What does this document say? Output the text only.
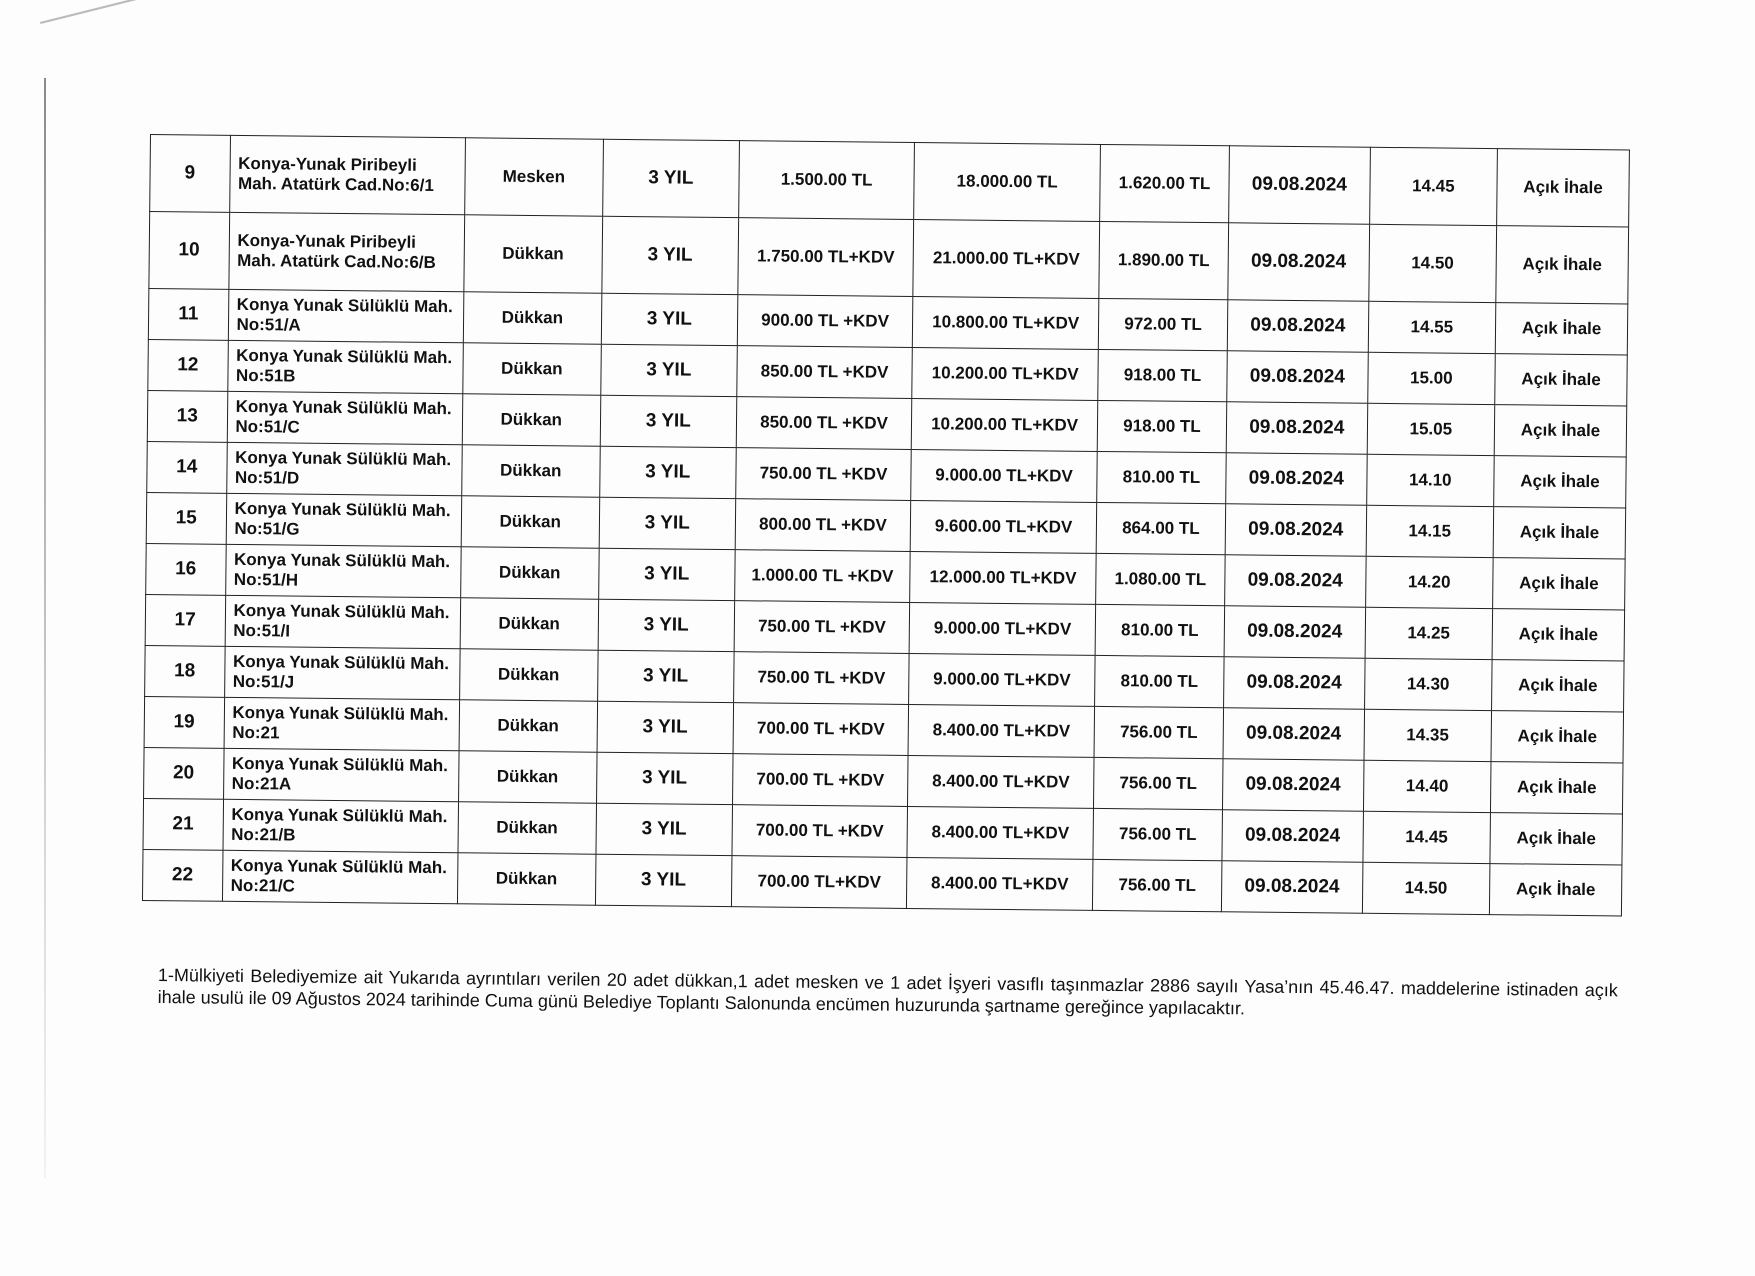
9	Konya-Yunak Piribeyli Mah. Atatürk Cad.No:6/1	Mesken	3 YIL	1.500.00 TL	18.000.00 TL	1.620.00 TL	09.08.2024	14.45	Açık İhale
10	Konya-Yunak Piribeyli Mah. Atatürk Cad.No:6/B	Dükkan	3 YIL	1.750.00 TL+KDV	21.000.00 TL+KDV	1.890.00 TL	09.08.2024	14.50	Açık İhale
11	Konya Yunak Sülüklü Mah. No:51/A	Dükkan	3 YIL	900.00 TL +KDV	10.800.00 TL+KDV	972.00 TL	09.08.2024	14.55	Açık İhale
12	Konya Yunak Sülüklü Mah. No:51B	Dükkan	3 YIL	850.00 TL +KDV	10.200.00 TL+KDV	918.00 TL	09.08.2024	15.00	Açık İhale
13	Konya Yunak Sülüklü Mah. No:51/C	Dükkan	3 YIL	850.00 TL +KDV	10.200.00 TL+KDV	918.00 TL	09.08.2024	15.05	Açık İhale
14	Konya Yunak Sülüklü Mah. No:51/D	Dükkan	3 YIL	750.00 TL +KDV	9.000.00 TL+KDV	810.00 TL	09.08.2024	14.10	Açık İhale
15	Konya Yunak Sülüklü Mah. No:51/G	Dükkan	3 YIL	800.00 TL +KDV	9.600.00 TL+KDV	864.00 TL	09.08.2024	14.15	Açık İhale
16	Konya Yunak Sülüklü Mah. No:51/H	Dükkan	3 YIL	1.000.00 TL +KDV	12.000.00 TL+KDV	1.080.00 TL	09.08.2024	14.20	Açık İhale
17	Konya Yunak Sülüklü Mah. No:51/I	Dükkan	3 YIL	750.00 TL +KDV	9.000.00 TL+KDV	810.00 TL	09.08.2024	14.25	Açık İhale
18	Konya Yunak Sülüklü Mah. No:51/J	Dükkan	3 YIL	750.00 TL +KDV	9.000.00 TL+KDV	810.00 TL	09.08.2024	14.30	Açık İhale
19	Konya Yunak Sülüklü Mah. No:21	Dükkan	3 YIL	700.00 TL +KDV	8.400.00 TL+KDV	756.00 TL	09.08.2024	14.35	Açık İhale
20	Konya Yunak Sülüklü Mah. No:21A	Dükkan	3 YIL	700.00 TL +KDV	8.400.00 TL+KDV	756.00 TL	09.08.2024	14.40	Açık İhale
21	Konya Yunak Sülüklü Mah. No:21/B	Dükkan	3 YIL	700.00 TL +KDV	8.400.00 TL+KDV	756.00 TL	09.08.2024	14.45	Açık İhale
22	Konya Yunak Sülüklü Mah. No:21/C	Dükkan	3 YIL	700.00 TL+KDV	8.400.00 TL+KDV	756.00 TL	09.08.2024	14.50	Açık İhale
1-Mülkiyeti Belediyemize ait Yukarıda ayrıntıları verilen 20 adet dükkan,1 adet mesken ve 1 adet İşyeri vasıflı taşınmazlar 2886 sayılı Yasa’nın 45.46.47. maddelerine istinaden açık ihale usulü ile 09 Ağustos 2024 tarihinde Cuma günü Belediye Toplantı Salonunda encümen huzurunda şartname gereğince yapılacaktır.
